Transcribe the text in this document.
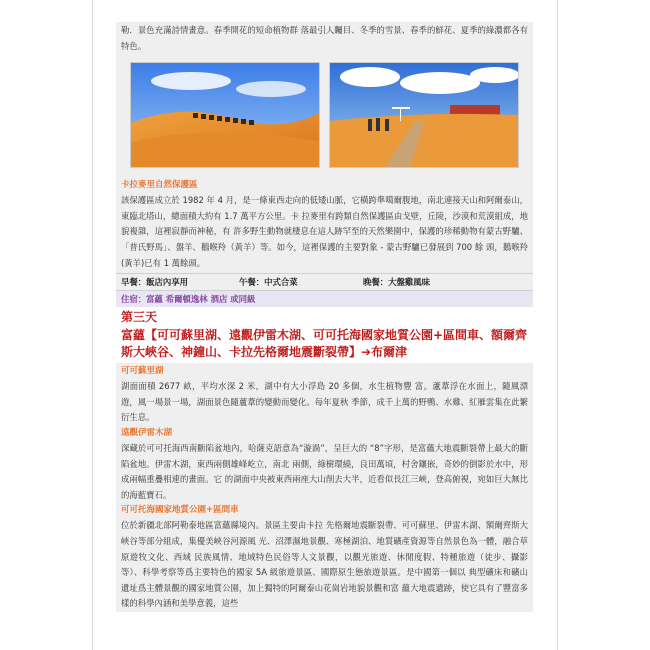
勒．景色充滿詩情畫意。春季開花的短命植物群 落最引人矚目、冬季的雪景、春季的鮮花、夏季的綠濃都各有特色。

卡拉麥里自然保護區

該保護區成立於 1982 年 4 月，是一條東西走向的低矮山脈，它橫跨準噶爾腹地，南北連接天山和阿爾泰山，東臨北塔山，總面積大約有 1.7 萬平方公里。卡 拉麥里有跨類自然保護區由戈壁，丘陵，沙漠和荒漠組成，地貌複雜，這裡寂靜而神秘，有 許多野生動物就棲息在這人跡罕至的天然樂園中，保護的珍稀動物有蒙古野驢、「普氏野馬」、盤羊、鵝喉羚（黃羊）等。如今，這裡保護的主要對象 - 蒙古野驢已發展到 700 餘 頭，鵝喉羚(黃羊)已有 1 萬餘頭。

早餐：飯店內享用	午餐：中式合菜	晚餐：大盤雞風味
住宿：富蘊 希爾頓逸林 酒店 或同級

第三天

富蘊【可可蘇里湖、遠觀伊雷木湖、可可托海國家地質公園+區間車、額爾齊斯大峽谷、神鐘山、卡拉先格爾地震斷裂帶】➔布爾津

可可蘇里湖

湖面面積 2677 畝，平均水深 2 米，湖中有大小浮島 20 多個，水生植物豐 富。蘆葦浮在水面上，隨風漂遊，風一場景一場，湖面景色隨蘆葦的變動而變化。每年夏秋 季節，成千上萬的野鴨、水雞、紅雁雲集在此繁衍生息。

遠觀伊雷木湖

深藏於可可托海西南斷陷盆地內，哈薩克語意為“漩渦”，呈巨大的 “8”字形，是富蘊大地震斷裂帶上最大的斷陷盆地。伊雷木湖，東西兩側雄峰屹立，南北 兩側，綠樹環繞，良田萬頃，村舍鑲嵌，奇妙的倒影於水中，形成兩幅重疊相連的畫面。它 的湖面中央被東西兩座大山削去大半，近看似長江三峽，登高俯視，宛如巨大無比的海藍寶石。

可可托海國家地質公園+區間車

位於新疆北部阿勒泰地區富蘊縣境內。景區主要由卡拉 先格爾地震斷裂帶、可可蘇里、伊雷木湖、額爾齊斯大峽谷等部分組成，集優美峽谷河源風 光、沼澤濕地景觀、寒極湖泊、地質礦產資源等自然景色為一體，融合草原遊牧文化、西域 民族風情、地域特色民俗等人文景觀，以觀光旅遊、休閒度假、特種旅遊（徒步、攝影等）、科學考察等爲主要特色的國家 5A 級旅遊景區、國際原生態旅遊景區。是中國第一個以 典型礦床和礦山遺址爲主體景觀的國家地質公園，加上獨特的阿爾泰山花崗岩地貌景觀和富 蘊大地震遺跡，使它具有了豐富多樣的科學內涵和美學意義，這些
